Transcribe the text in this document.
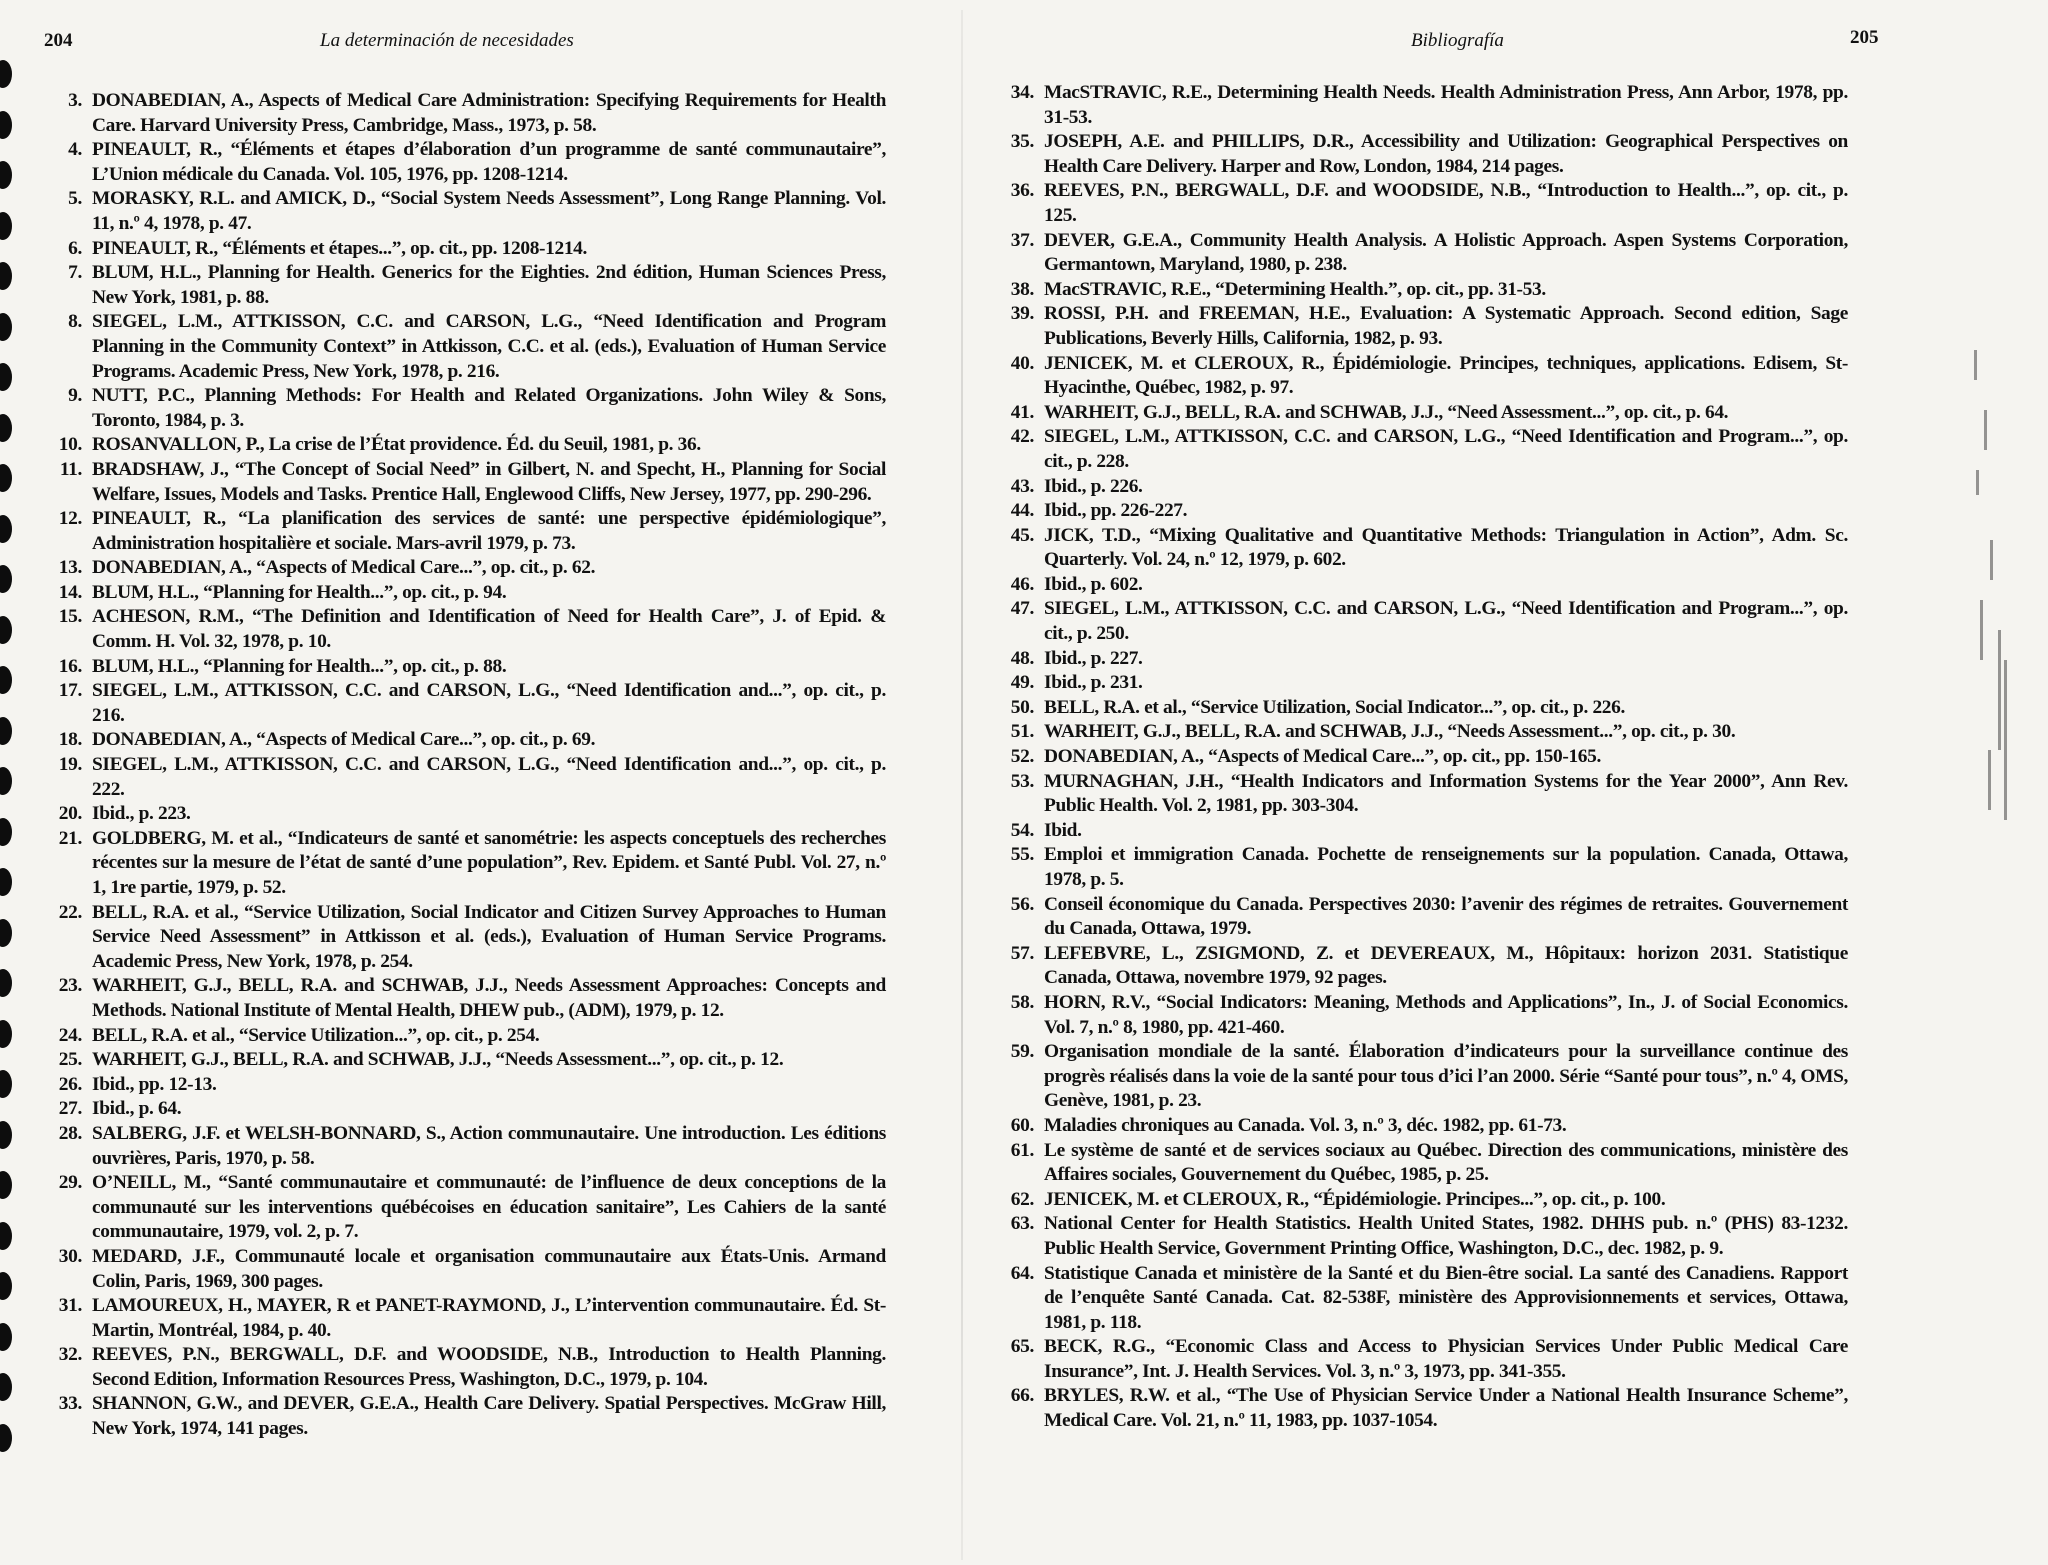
204	La determinación de necesidades
3. DONABEDIAN, A., Aspects of Medical Care Administration: Specifying Requirements for Health Care. Harvard University Press, Cambridge, Mass., 1973, p. 58.
4. PINEAULT, R., “Éléments et étapes d’élaboration d’un programme de santé communautaire”, L’Union médicale du Canada. Vol. 105, 1976, pp. 1208-1214.
5. MORASKY, R.L. and AMICK, D., “Social System Needs Assessment”, Long Range Planning. Vol. 11, n.º 4, 1978, p. 47.
6. PINEAULT, R., “Éléments et étapes...”, op. cit., pp. 1208-1214.
7. BLUM, H.L., Planning for Health. Generics for the Eighties. 2nd édition, Human Sciences Press, New York, 1981, p. 88.
8. SIEGEL, L.M., ATTKISSON, C.C. and CARSON, L.G., “Need Identification and Program Planning in the Community Context” in Attkisson, C.C. et al. (eds.), Evaluation of Human Service Programs. Academic Press, New York, 1978, p. 216.
9. NUTT, P.C., Planning Methods: For Health and Related Organizations. John Wiley & Sons, Toronto, 1984, p. 3.
10. ROSANVALLON, P., La crise de l’État providence. Éd. du Seuil, 1981, p. 36.
11. BRADSHAW, J., “The Concept of Social Need” in Gilbert, N. and Specht, H., Planning for Social Welfare, Issues, Models and Tasks. Prentice Hall, Englewood Cliffs, New Jersey, 1977, pp. 290-296.
12. PINEAULT, R., “La planification des services de santé: une perspective épidémiologique”, Administration hospitalière et sociale. Mars-avril 1979, p. 73.
13. DONABEDIAN, A., “Aspects of Medical Care...”, op. cit., p. 62.
14. BLUM, H.L., “Planning for Health...”, op. cit., p. 94.
15. ACHESON, R.M., “The Definition and Identification of Need for Health Care”, J. of Epid. & Comm. H. Vol. 32, 1978, p. 10.
16. BLUM, H.L., “Planning for Health...”, op. cit., p. 88.
17. SIEGEL, L.M., ATTKISSON, C.C. and CARSON, L.G., “Need Identification and...”, op. cit., p. 216.
18. DONABEDIAN, A., “Aspects of Medical Care...”, op. cit., p. 69.
19. SIEGEL, L.M., ATTKISSON, C.C. and CARSON, L.G., “Need Identification and...”, op. cit., p. 222.
20. Ibid., p. 223.
21. GOLDBERG, M. et al., “Indicateurs de santé et sanométrie: les aspects conceptuels des recherches récentes sur la mesure de l’état de santé d’une population”, Rev. Epidem. et Santé Publ. Vol. 27, n.º 1, 1re partie, 1979, p. 52.
22. BELL, R.A. et al., “Service Utilization, Social Indicator and Citizen Survey Approaches to Human Service Need Assessment” in Attkisson et al. (eds.), Evaluation of Human Service Programs. Academic Press, New York, 1978, p. 254.
23. WARHEIT, G.J., BELL, R.A. and SCHWAB, J.J., Needs Assessment Approaches: Concepts and Methods. National Institute of Mental Health, DHEW pub., (ADM), 1979, p. 12.
24. BELL, R.A. et al., “Service Utilization...”, op. cit., p. 254.
25. WARHEIT, G.J., BELL, R.A. and SCHWAB, J.J., “Needs Assessment...”, op. cit., p. 12.
26. Ibid., pp. 12-13.
27. Ibid., p. 64.
28. SALBERG, J.F. et WELSH-BONNARD, S., Action communautaire. Une introduction. Les éditions ouvrières, Paris, 1970, p. 58.
29. O’NEILL, M., “Santé communautaire et communauté: de l’influence de deux conceptions de la communauté sur les interventions québécoises en éducation sanitaire”, Les Cahiers de la santé communautaire, 1979, vol. 2, p. 7.
30. MEDARD, J.F., Communauté locale et organisation communautaire aux États-Unis. Armand Colin, Paris, 1969, 300 pages.
31. LAMOUREUX, H., MAYER, R et PANET-RAYMOND, J., L’intervention communautaire. Éd. St-Martin, Montréal, 1984, p. 40.
32. REEVES, P.N., BERGWALL, D.F. and WOODSIDE, N.B., Introduction to Health Planning. Second Edition, Information Resources Press, Washington, D.C., 1979, p. 104.
33. SHANNON, G.W., and DEVER, G.E.A., Health Care Delivery. Spatial Perspectives. McGraw Hill, New York, 1974, 141 pages.
Bibliografía	205
34. MacSTRAVIC, R.E., Determining Health Needs. Health Administration Press, Ann Arbor, 1978, pp. 31-53.
35. JOSEPH, A.E. and PHILLIPS, D.R., Accessibility and Utilization: Geographical Perspectives on Health Care Delivery. Harper and Row, London, 1984, 214 pages.
36. REEVES, P.N., BERGWALL, D.F. and WOODSIDE, N.B., “Introduction to Health...”, op. cit., p. 125.
37. DEVER, G.E.A., Community Health Analysis. A Holistic Approach. Aspen Systems Corporation, Germantown, Maryland, 1980, p. 238.
38. MacSTRAVIC, R.E., “Determining Health.”, op. cit., pp. 31-53.
39. ROSSI, P.H. and FREEMAN, H.E., Evaluation: A Systematic Approach. Second edition, Sage Publications, Beverly Hills, California, 1982, p. 93.
40. JENICEK, M. et CLEROUX, R., Épidémiologie. Principes, techniques, applications. Edisem, St-Hyacinthe, Québec, 1982, p. 97.
41. WARHEIT, G.J., BELL, R.A. and SCHWAB, J.J., “Need Assessment...”, op. cit., p. 64.
42. SIEGEL, L.M., ATTKISSON, C.C. and CARSON, L.G., “Need Identification and Program...”, op. cit., p. 228.
43. Ibid., p. 226.
44. Ibid., pp. 226-227.
45. JICK, T.D., “Mixing Qualitative and Quantitative Methods: Triangulation in Action”, Adm. Sc. Quarterly. Vol. 24, n.º 12, 1979, p. 602.
46. Ibid., p. 602.
47. SIEGEL, L.M., ATTKISSON, C.C. and CARSON, L.G., “Need Identification and Program...”, op. cit., p. 250.
48. Ibid., p. 227.
49. Ibid., p. 231.
50. BELL, R.A. et al., “Service Utilization, Social Indicator...”, op. cit., p. 226.
51. WARHEIT, G.J., BELL, R.A. and SCHWAB, J.J., “Needs Assessment...”, op. cit., p. 30.
52. DONABEDIAN, A., “Aspects of Medical Care...”, op. cit., pp. 150-165.
53. MURNAGHAN, J.H., “Health Indicators and Information Systems for the Year 2000”, Ann Rev. Public Health. Vol. 2, 1981, pp. 303-304.
54. Ibid.
55. Emploi et immigration Canada. Pochette de renseignements sur la population. Canada, Ottawa, 1978, p. 5.
56. Conseil économique du Canada. Perspectives 2030: l’avenir des régimes de retraites. Gouvernement du Canada, Ottawa, 1979.
57. LEFEBVRE, L., ZSIGMOND, Z. et DEVEREAUX, M., Hôpitaux: horizon 2031. Statistique Canada, Ottawa, novembre 1979, 92 pages.
58. HORN, R.V., “Social Indicators: Meaning, Methods and Applications”, In., J. of Social Economics. Vol. 7, n.º 8, 1980, pp. 421-460.
59. Organisation mondiale de la santé. Élaboration d’indicateurs pour la surveillance continue des progrès réalisés dans la voie de la santé pour tous d’ici l’an 2000. Série “Santé pour tous”, n.º 4, OMS, Genève, 1981, p. 23.
60. Maladies chroniques au Canada. Vol. 3, n.º 3, déc. 1982, pp. 61-73.
61. Le système de santé et de services sociaux au Québec. Direction des communications, ministère des Affaires sociales, Gouvernement du Québec, 1985, p. 25.
62. JENICEK, M. et CLEROUX, R., “Épidémiologie. Principes...”, op. cit., p. 100.
63. National Center for Health Statistics. Health United States, 1982. DHHS pub. n.º (PHS) 83-1232. Public Health Service, Government Printing Office, Washington, D.C., dec. 1982, p. 9.
64. Statistique Canada et ministère de la Santé et du Bien-être social. La santé des Canadiens. Rapport de l’enquête Santé Canada. Cat. 82-538F, ministère des Approvisionnements et services, Ottawa, 1981, p. 118.
65. BECK, R.G., “Economic Class and Access to Physician Services Under Public Medical Care Insurance”, Int. J. Health Services. Vol. 3, n.º 3, 1973, pp. 341-355.
66. BRYLES, R.W. et al., “The Use of Physician Service Under a National Health Insurance Scheme”, Medical Care. Vol. 21, n.º 11, 1983, pp. 1037-1054.
